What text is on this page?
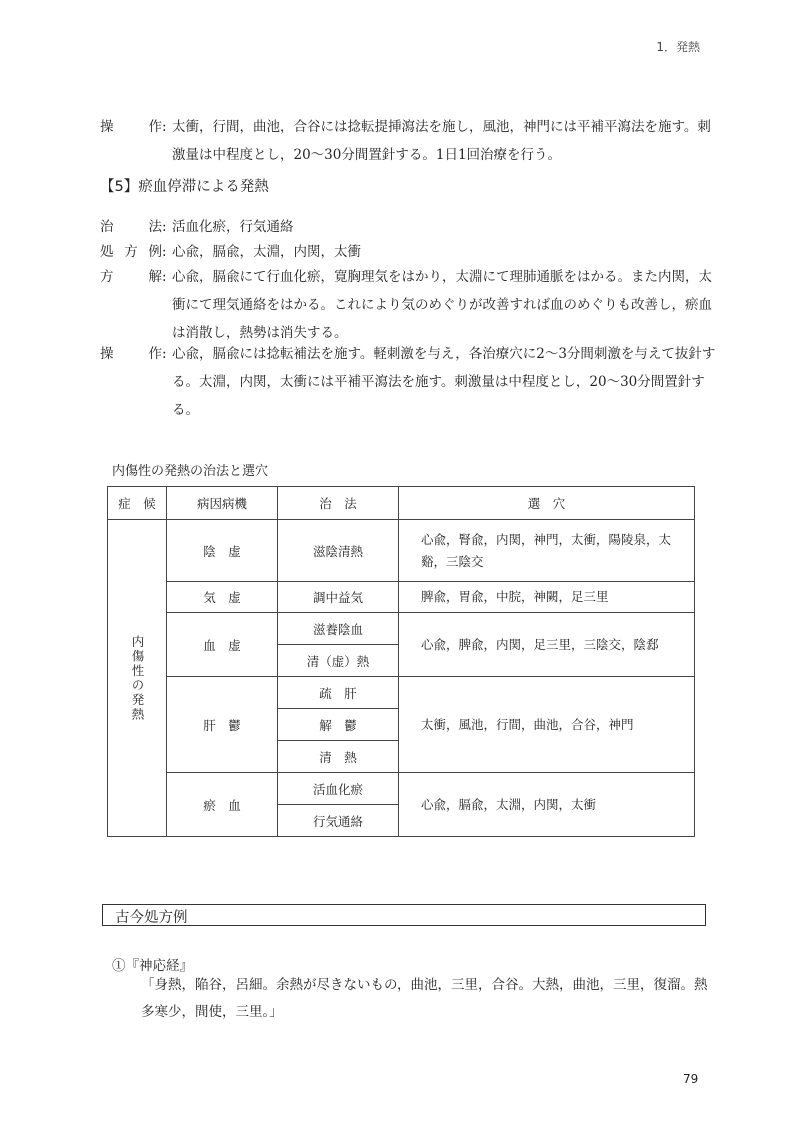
1．発熱
操　作 : 太衝，行間，曲池，合谷には捻転提挿瀉法を施し，風池，神門には平補平瀉法を施す。刺激量は中程度とし，20～30分間置針する。1日1回治療を行う。
【5】瘀血停滞による発熱
治　法 : 活血化瘀，行気通絡
処方例 : 心兪，膈兪，太淵，内関，太衝
方　解 : 心兪，膈兪にて行血化瘀，寛胸理気をはかり，太淵にて理肺通脈をはかる。また内関，太衝にて理気通絡をはかる。これにより気のめぐりが改善すれば血のめぐりも改善し，瘀血は消散し，熱勢は消失する。
操　作 : 心兪，膈兪には捻転補法を施す。軽刺激を与え，各治療穴に2～3分間刺激を与えて抜針する。太淵，内関，太衝には平補平瀉法を施す。刺激量は中程度とし，20～30分間置針する。
内傷性の発熱の治法と選穴
症　候	病因病機	治　法	選　穴

内傷性の発熱	陰　虚	滋陰清熱	心兪，腎兪，内関，神門，太衝，陽陵泉，太谿，三陰交
	気　虚	調中益気	脾兪，胃兪，中脘，神闕，足三里
	血　虚	滋養陰血	心兪，脾兪，内関，足三里，三陰交，陰郄
		清（虚）熱	
	肝　鬱	疏　肝	太衝，風池，行間，曲池，合谷，神門
		解　鬱	
		清　熱	
	瘀　血	活血化瘀	心兪，膈兪，太淵，内関，太衝
		行気通絡	
古今処方例
①『神応経』
「身熱，陥谷，呂細。余熱が尽きないもの，曲池，三里，合谷。大熱，曲池，三里，復溜。熱多寒少，間使，三里。」
79
